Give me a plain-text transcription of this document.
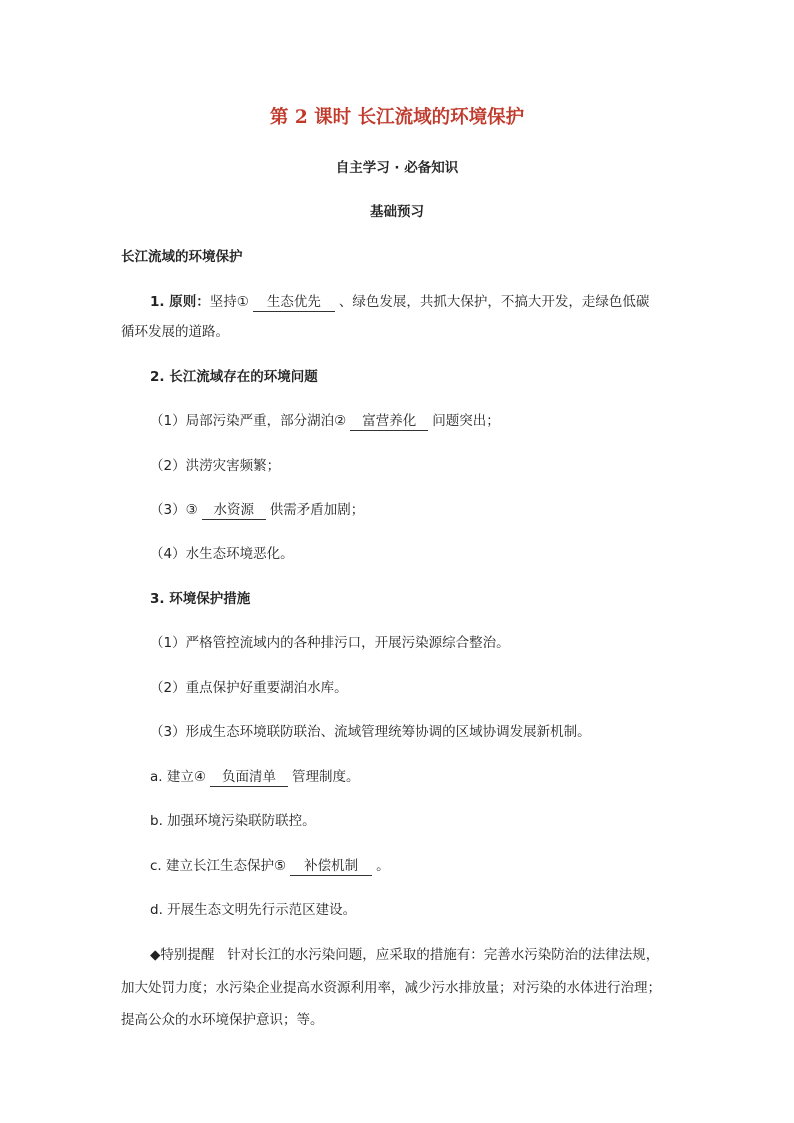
第 2 课时 长江流域的环境保护
自主学习 · 必备知识
基础预习
长江流域的环境保护
1. 原则：坚持① 生态优先 、绿色发展，共抓大保护，不搞大开发，走绿色低碳
循环发展的道路。
2. 长江流域存在的环境问题
（1）局部污染严重，部分湖泊② 富营养化 问题突出；
（2）洪涝灾害频繁；
（3）③ 水资源 供需矛盾加剧；
（4）水生态环境恶化。
3. 环境保护措施
（1）严格管控流域内的各种排污口，开展污染源综合整治。
（2）重点保护好重要湖泊水库。
（3）形成生态环境联防联治、流域管理统筹协调的区域协调发展新机制。
a. 建立④ 负面清单 管理制度。
b. 加强环境污染联防联控。
c. 建立长江生态保护⑤ 补偿机制 。
d. 开展生态文明先行示范区建设。
◆特别提醒 针对长江的水污染问题，应采取的措施有：完善水污染防治的法律法规，
加大处罚力度；水污染企业提高水资源利用率，减少污水排放量；对污染的水体进行治理；
提高公众的水环境保护意识；等。
